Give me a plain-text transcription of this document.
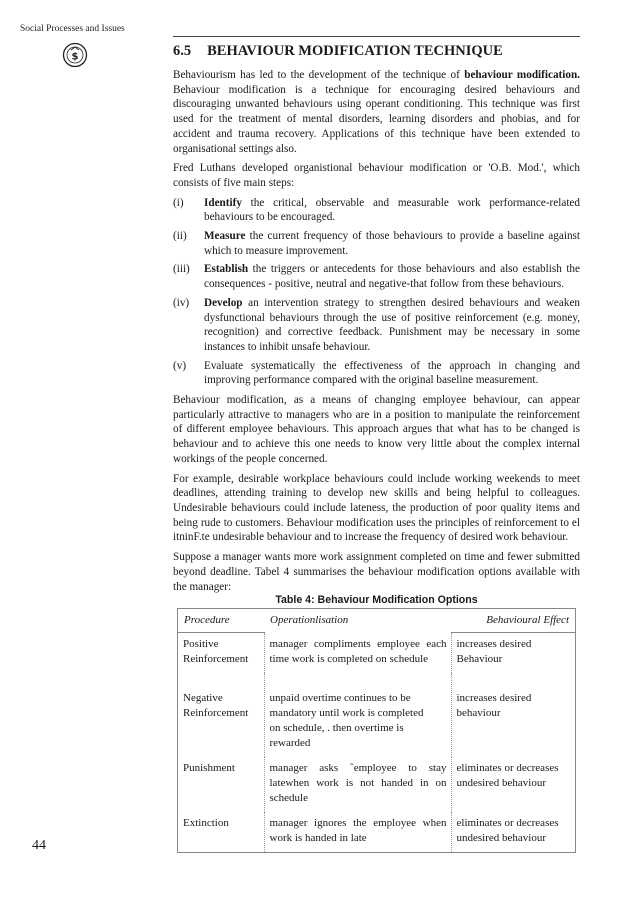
Social Processes and Issues
$	6.5 BEHAVIOUR MODIFICATION TECHNIQUE

Behaviourism has led to the development of the technique of behaviour modification. Behaviour modification is a technique for encouraging desired behaviours and discouraging unwanted behaviours using operant conditioning. This technique was first used for the treatment of mental disorders, learning disorders and phobias, and for accident and trauma recovery. Applications of this technique have been extended to organisational settings also.

Fred Luthans developed organistional behaviour modification or 'O.B. Mod.', which consists of five main steps:

(i)	Identify the critical, observable and measurable work performance-related behaviours to be encouraged.
(ii)	Measure the current frequency of those behaviours to provide a baseline against which to measure improvement.
(iii)	Establish the triggers or antecedents for those behaviours and also establish the consequences - positive, neutral and negative-that follow from these behaviours.
(iv)	Develop an intervention strategy to strengthen desired behaviours and weaken dysfunctional behaviours through the use of positive reinforcement (e.g. money, recognition) and corrective feedback. Punishment may be necessary in some instances to inhibit unsafe behaviour.
(v)	Evaluate systematically the effectiveness of the approach in changing and improving performance compared with the original baseline measurement.

Behaviour modification, as a means of changing employee behaviour, can appear particularly attractive to managers who are in a position to manipulate the reinforcement of different employee behaviours. This approach argues that what has to be changed is behaviour and to achieve this one needs to know very little about the complex internal workings of the people concerned.

For example, desirable workplace behaviours could include working weekends to meet deadlines, attending training to develop new skills and being helpful to colleagues. Undesirable behaviours could include lateness, the production of poor quality items and being rude to customers. Behaviour modification uses the principles of reinforcement to el itninF.te undesirable behaviour and to increase the frequency of desired work behaviour.

Suppose a manager wants more work assignment completed on time and fewer submitted beyond deadline. Tabel 4 summarises the behaviour modification options available with the manager:

Table 4: Behaviour Modification Options
Procedure	Operationlisation	Behavioural Effect

Positive
Reinforcement	manager compliments employee each time work is completed on schedule	increases desired
Behaviour

Negative
Reinforcement	unpaid overtime continues to be
mandatory until work is completed
on schedule, . then overtime is
rewarded	increases desired
behaviour

Punishment	manager asks ˆemployee to stay latewhen work is not handed in on schedule	eliminates or decreases
undesired behaviour

Extinction	manager ignores the employee when work is handed in late	eliminates or decreases
undesired behaviour
44
